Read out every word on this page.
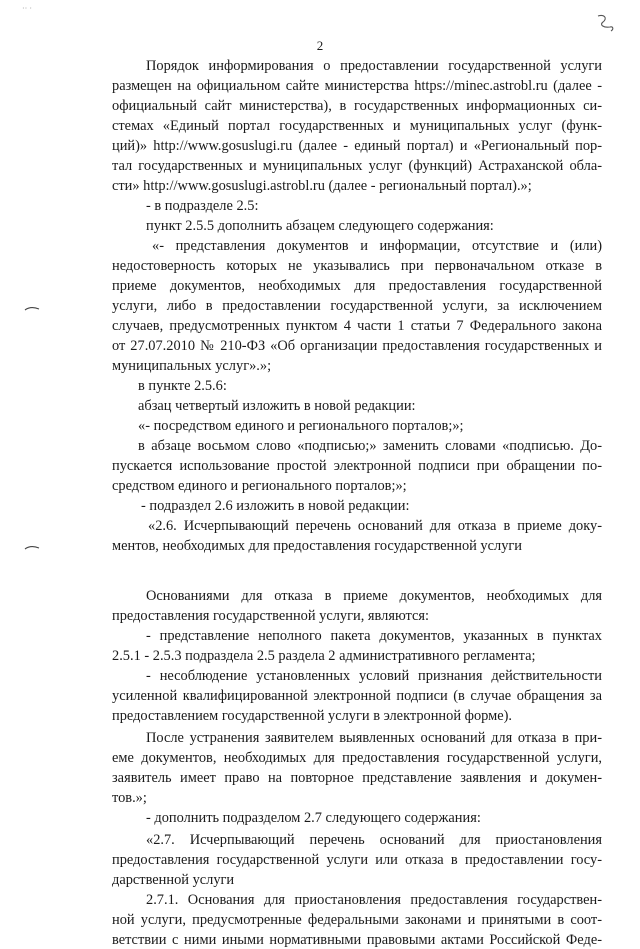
·· ·
2
Порядок информирования о предоставлении государственной услуги
размещен на официальном сайте министерства https://minec.astrobl.ru (далее -
официальный сайт министерства), в государственных информационных си-
стемах «Единый портал государственных и муниципальных услуг (функ-
ций)» http://www.gosuslugi.ru (далее - единый портал) и «Региональный пор-
тал государственных и муниципальных услуг (функций) Астраханской обла-
сти» http://www.gosuslugi.astrobl.ru (далее - региональный портал).»;
- в подразделе 2.5:
пункт 2.5.5 дополнить абзацем следующего содержания:
«- представления документов и информации, отсутствие и (или)
недостоверность которых не указывались при первоначальном отказе в
приеме документов, необходимых для предоставления государственной
услуги, либо в предоставлении государственной услуги, за исключением
случаев, предусмотренных пунктом 4 части 1 статьи 7 Федерального закона
от 27.07.2010 № 210-ФЗ «Об организации предоставления государственных и
муниципальных услуг».»;
в пункте 2.5.6:
абзац четвертый изложить в новой редакции:
«- посредством единого и регионального порталов;»;
в абзаце восьмом слово «подписью;» заменить словами «подписью. До-
пускается использование простой электронной подписи при обращении по-
средством единого и регионального порталов;»;
- подраздел 2.6 изложить в новой редакции:
«2.6. Исчерпывающий перечень оснований для отказа в приеме доку-
ментов, необходимых для предоставления государственной услуги
Основаниями для отказа в приеме документов, необходимых для
предоставления государственной услуги, являются:
- представление неполного пакета документов, указанных в пунктах
2.5.1 - 2.5.3 подраздела 2.5 раздела 2 административного регламента;
- несоблюдение установленных условий признания действительности
усиленной квалифицированной электронной подписи (в случае обращения за
предоставлением государственной услуги в электронной форме).
После устранения заявителем выявленных оснований для отказа в при-
еме документов, необходимых для предоставления государственной услуги,
заявитель имеет право на повторное представление заявления и докумен-
тов.»;
- дополнить подразделом 2.7 следующего содержания:
«2.7. Исчерпывающий перечень оснований для приостановления
предоставления государственной услуги или отказа в предоставлении госу-
дарственной услуги
2.7.1. Основания для приостановления предоставления государствен-
ной услуги, предусмотренные федеральными законами и принятыми в соот-
ветствии с ними иными нормативными правовыми актами Российской Феде-
